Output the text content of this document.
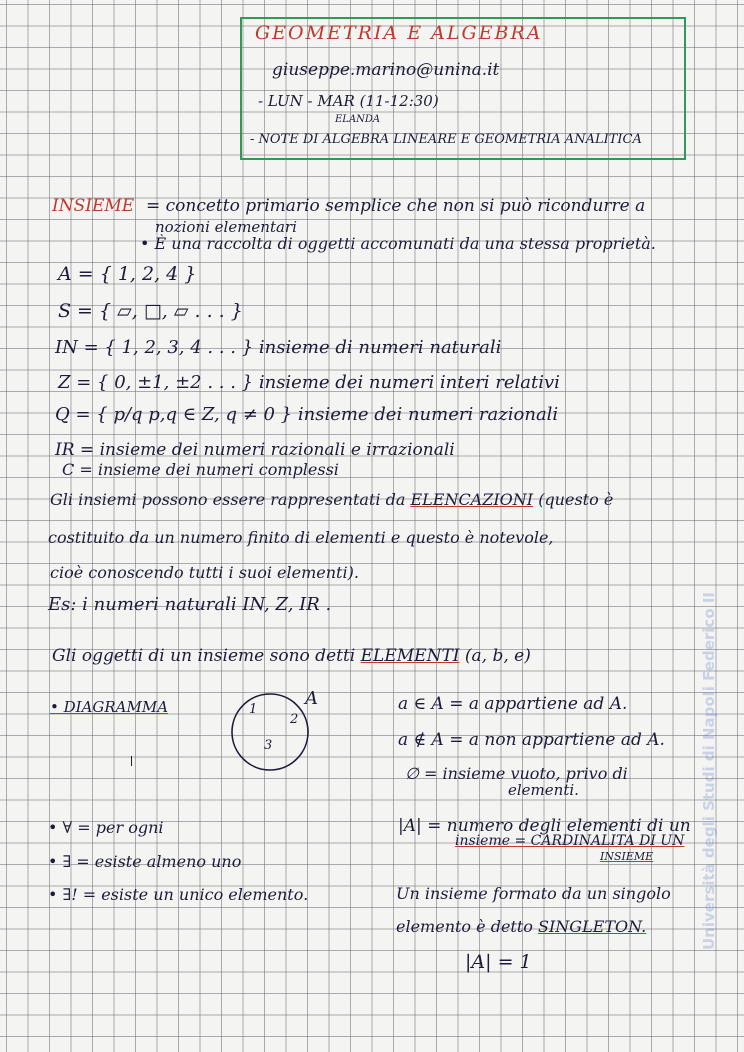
GEOMETRIA E ALGEBRA
giuseppe.marino@unina.it
- LUN - MAR (11-12:30)
ELANDA
- NOTE DI ALGEBRA LINEARE E GEOMETRIA ANALITICA
INSIEME = concetto primario semplice che non si può ricondurre a
nozioni elementari
• È una raccolta di oggetti accomunati da una stessa proprietà.
A = { 1, 2, 4 }
S = { ▱, □, ▱ . . . }
IN = { 1, 2, 3, 4 . . . } insieme di numeri naturali
Z = { 0, ±1, ±2 . . . } insieme dei numeri interi relativi
Q = { p/q p,q ∈ Z, q ≠ 0 } insieme dei numeri razionali
IR = insieme dei numeri razionali e irrazionali
C = insieme dei numeri complessi
Gli insiemi possono essere rappresentati da ELENCAZIONI (questo è
costituito da un numero finito di elementi e questo è notevole,
cioè conoscendo tutti i suoi elementi).
Es: i numeri naturali IN, Z, IR .
Gli oggetti di un insieme sono detti ELEMENTI (a, b, e)
• DIAGRAMMA	A
1
2
3
a ∈ A = a appartiene ad A.
a ∉ A = a non appartiene ad A.
∅ = insieme vuoto, privo di
elementi.
|A| = numero degli elementi di un
insieme = CARDINALITA DI UN
INSIEME
• ∀ = per ogni
• ∃ = esiste almeno uno
• ∃! = esiste un unico elemento.	Un insieme formato da un singolo
elemento è detto SINGLETON.
|A| = 1
Università degli Studi di Napoli Federico II
